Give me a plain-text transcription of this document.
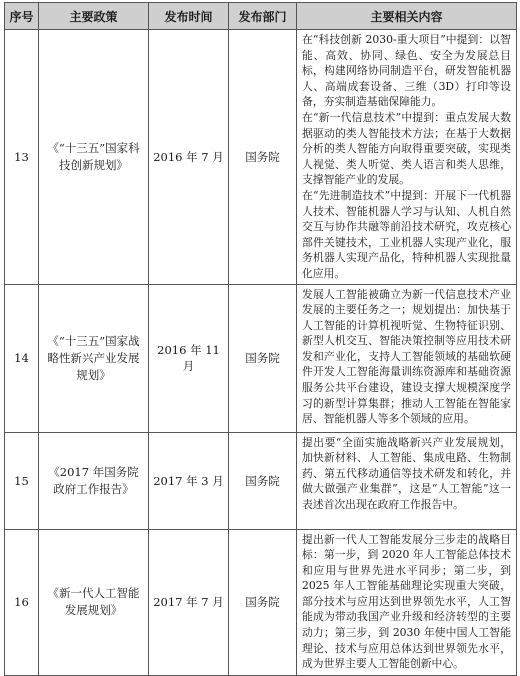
序号	主要政策	发布时间	发布部门	主要相关内容
13	《“十三五”国家科技创新规划》	2016 年 7 月	国务院	在“科技创新 2030-重大项目”中提到：以智能、高效、协同、绿色、安全为发展总目标，构建网络协同制造平台，研发智能机器人、高端成套设备、三维（3D）打印等设备，夯实制造基础保障能力。
在“新一代信息技术”中提到：重点发展大数据驱动的类人智能技术方法；在基于大数据分析的类人智能方向取得重要突破，实现类人视觉、类人听觉、类人语言和类人思维，支撑智能产业的发展。
在“先进制造技术”中提到：开展下一代机器人技术、智能机器人学习与认知、人机自然交互与协作共融等前沿技术研究，攻克核心部件关键技术，工业机器人实现产业化，服务机器人实现产品化，特种机器人实现批量化应用。

14	《“十三五”国家战略性新兴产业发展规划》	2016 年 11 月	国务院	发展人工智能被确立为新一代信息技术产业发展的主要任务之一；规划提出：加快基于人工智能的计算机视听觉、生物特征识别、新型人机交互、智能决策控制等应用技术研发和产业化，支持人工智能领域的基础软硬件开发人工智能海量训练资源库和基础资源服务公共平台建设，建设支撑大规模深度学习的新型计算集群；推动人工智能在智能家居、智能机器人等多个领域的应用。

15	《2017 年国务院政府工作报告》	2017 年 3 月	国务院	提出要“全面实施战略新兴产业发展规划，加快新材料、人工智能、集成电路、生物制药、第五代移动通信等技术研发和转化，并做大做强产业集群”，这是“人工智能”这一表述首次出现在政府工作报告中。

16	《新一代人工智能发展规划》	2017 年 7 月	国务院	提出新一代人工智能发展分三步走的战略目标：第一步，到 2020 年人工智能总体技术和应用与世界先进水平同步；第二步，到 2025 年人工智能基础理论实现重大突破，部分技术与应用达到世界领先水平，人工智能成为带动我国产业升级和经济转型的主要动力；第三步，到 2030 年使中国人工智能理论、技术与应用总体达到世界领先水平，成为世界主要人工智能创新中心。
